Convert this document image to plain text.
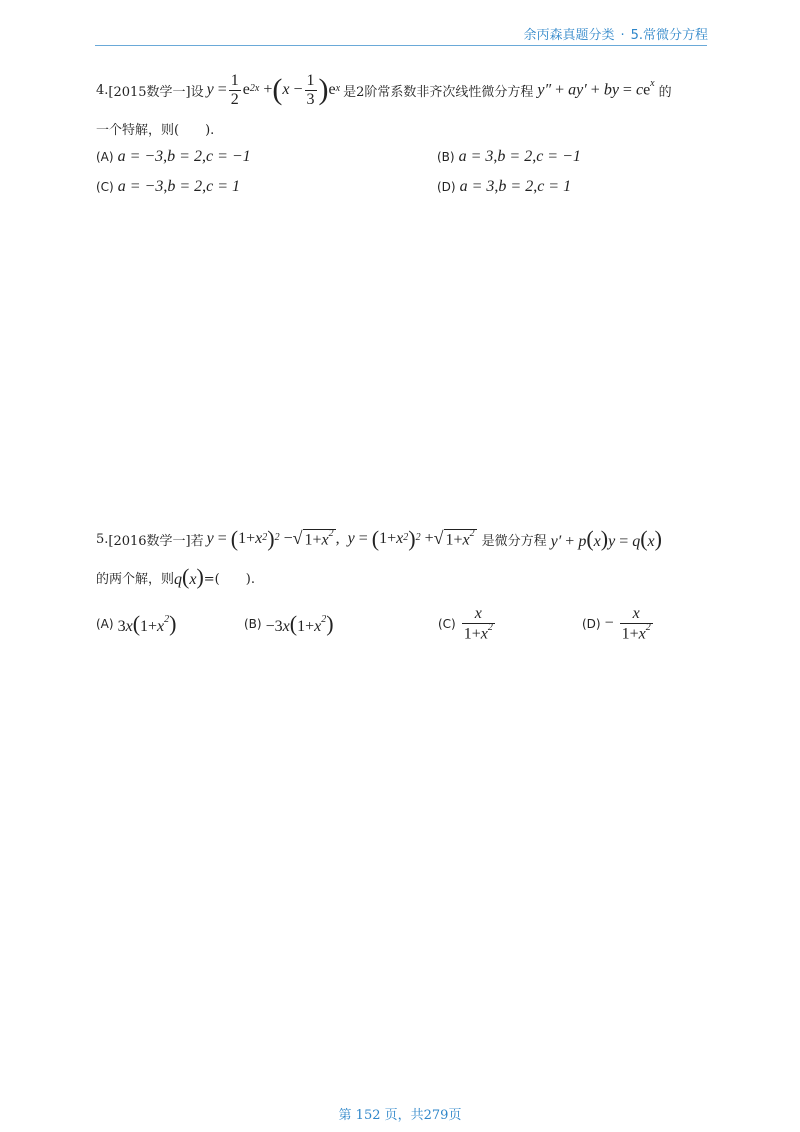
余丙森真题分类 · 5.常微分方程
4. [2015数学一] 设 $y = \frac{1}{2} e^{2x}$
+ ( $x - \frac{1}{3}$ ) $e^x$ 是2阶常系数非齐次线性微分方程 y″ + ay′ + by = $ce^x$
的
一个特解，则(　　).
(A) a = −3 , b = 2 , c = −1	(B) a = 3 , b = 2 , c = −1
(C) a = −3 , b = 2 , c = 1	(D) a = 3 , b = 2 , c = 1
5. [2016数学一] 若 y =
( $1 + x^2$ )$^2$
− √ $1+x^2$ , y =
( $1 + x^2$ )$^2$
+ √ $1+x^2$
是微分方程 y′ + p(x)y = q(x)
的两个解，则 q(x) =(　　).
(A) $3x(1+x^2)$	$(B) -3x(1+x^2)$	$(C) \frac{x}{1+x^2}$	$(D) - \frac{x}{1+x^2}$
第 152 页，共279页
